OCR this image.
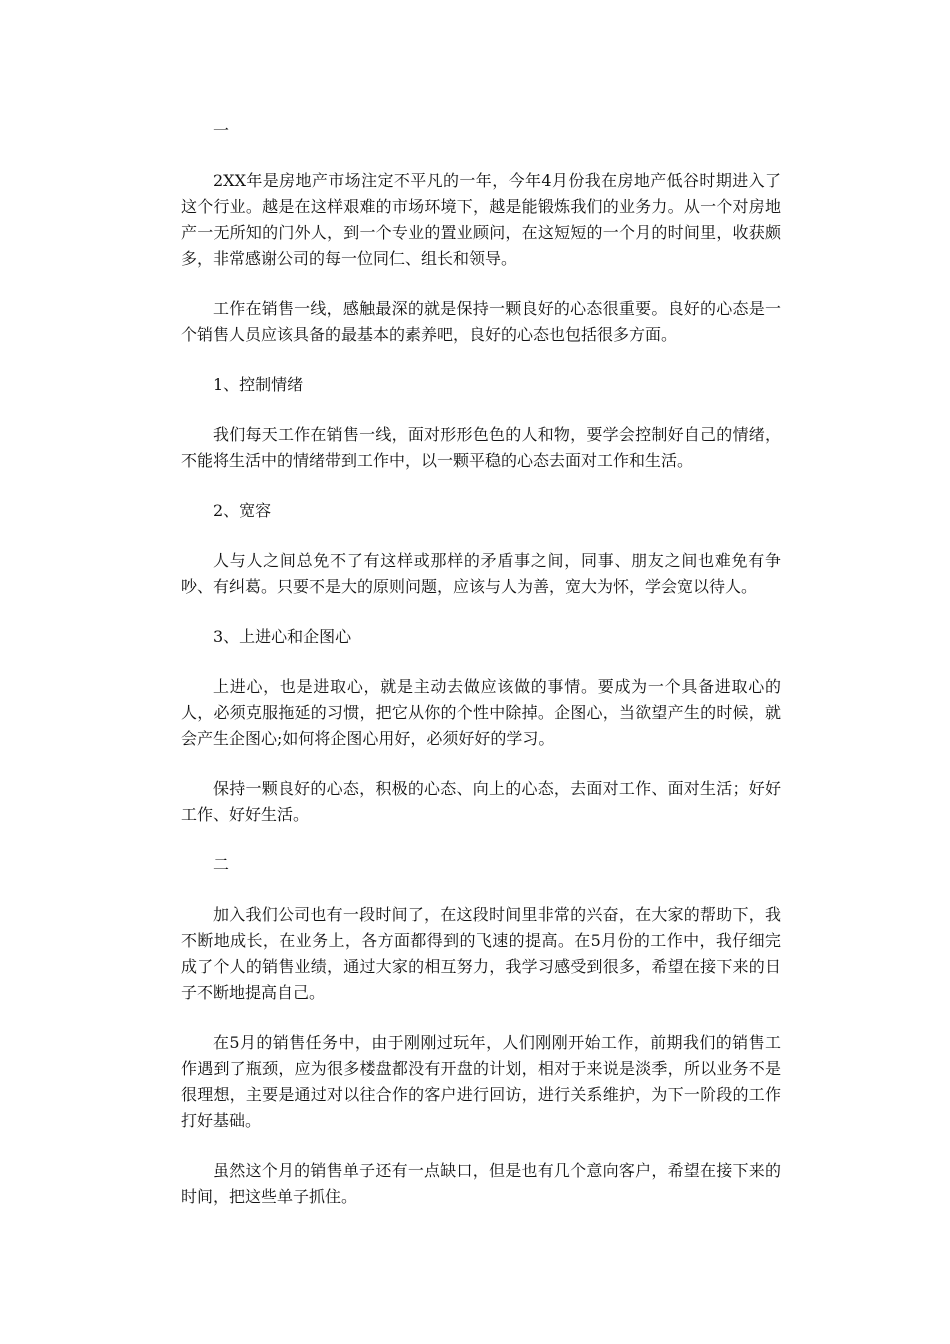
一

2XX年是房地产市场注定不平凡的一年，今年4月份我在房地产低谷时期进入了这个行业。越是在这样艰难的市场环境下，越是能锻炼我们的业务力。从一个对房地产一无所知的门外人，到一个专业的置业顾问，在这短短的一个月的时间里，收获颇多，非常感谢公司的每一位同仁、组长和领导。

工作在销售一线，感触最深的就是保持一颗良好的心态很重要。良好的心态是一个销售人员应该具备的最基本的素养吧，良好的心态也包括很多方面。

1、控制情绪

我们每天工作在销售一线，面对形形色色的人和物，要学会控制好自己的情绪，不能将生活中的情绪带到工作中，以一颗平稳的心态去面对工作和生活。

2、宽容

人与人之间总免不了有这样或那样的矛盾事之间，同事、朋友之间也难免有争吵、有纠葛。只要不是大的原则问题，应该与人为善，宽大为怀，学会宽以待人。

3、上进心和企图心

上进心，也是进取心，就是主动去做应该做的事情。要成为一个具备进取心的人，必须克服拖延的习惯，把它从你的个性中除掉。企图心，当欲望产生的时候，就会产生企图心;如何将企图心用好，必须好好的学习。

保持一颗良好的心态，积极的心态、向上的心态，去面对工作、面对生活；好好工作、好好生活。

二

加入我们公司也有一段时间了，在这段时间里非常的兴奋，在大家的帮助下，我不断地成长，在业务上，各方面都得到的飞速的提高。在5月份的工作中，我仔细完成了个人的销售业绩，通过大家的相互努力，我学习感受到很多，希望在接下来的日子不断地提高自己。

在5月的销售任务中，由于刚刚过玩年，人们刚刚开始工作，前期我们的销售工作遇到了瓶颈，应为很多楼盘都没有开盘的计划，相对于来说是淡季，所以业务不是很理想，主要是通过对以往合作的客户进行回访，进行关系维护，为下一阶段的工作打好基础。

虽然这个月的销售单子还有一点缺口，但是也有几个意向客户，希望在接下来的时间，把这些单子抓住。
